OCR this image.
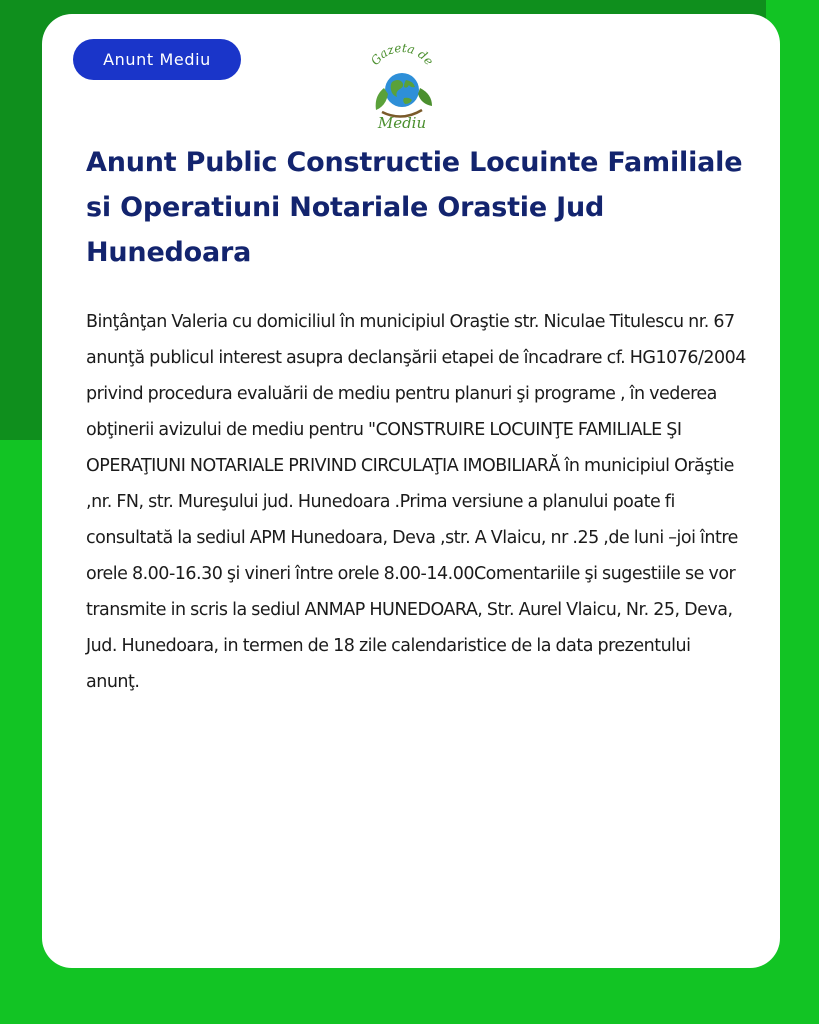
Anunt Mediu	Gazeta de
Mediu
Anunt Public Constructie Locuinte Familiale si Operatiuni Notariale Orastie Jud Hunedoara

Binţânţan Valeria cu domiciliul în municipiul Oraştie str. Niculae Titulescu nr. 67 anunţă publicul interest asupra declanşării etapei de încadrare cf. HG1076/2004 privind procedura evaluării de mediu pentru planuri şi programe , în vederea obţinerii avizului de mediu pentru "CONSTRUIRE LOCUINŢE FAMILIALE ŞI OPERAŢIUNI NOTARIALE PRIVIND CIRCULAŢIA IMOBILIARĂ în municipiul Orăştie ,nr. FN, str. Mureşului jud. Hunedoara .Prima versiune a planului poate fi consultată la sediul APM Hunedoara, Deva ,str. A Vlaicu, nr .25 ,de luni –joi între orele 8.00-16.30 şi vineri între orele 8.00-14.00Comentariile şi sugestiile se vor transmite in scris la sediul ANMAP HUNEDOARA, Str. Aurel Vlaicu, Nr. 25, Deva, Jud. Hunedoara, in termen de 18 zile calendaristice de la data prezentului anunţ.
